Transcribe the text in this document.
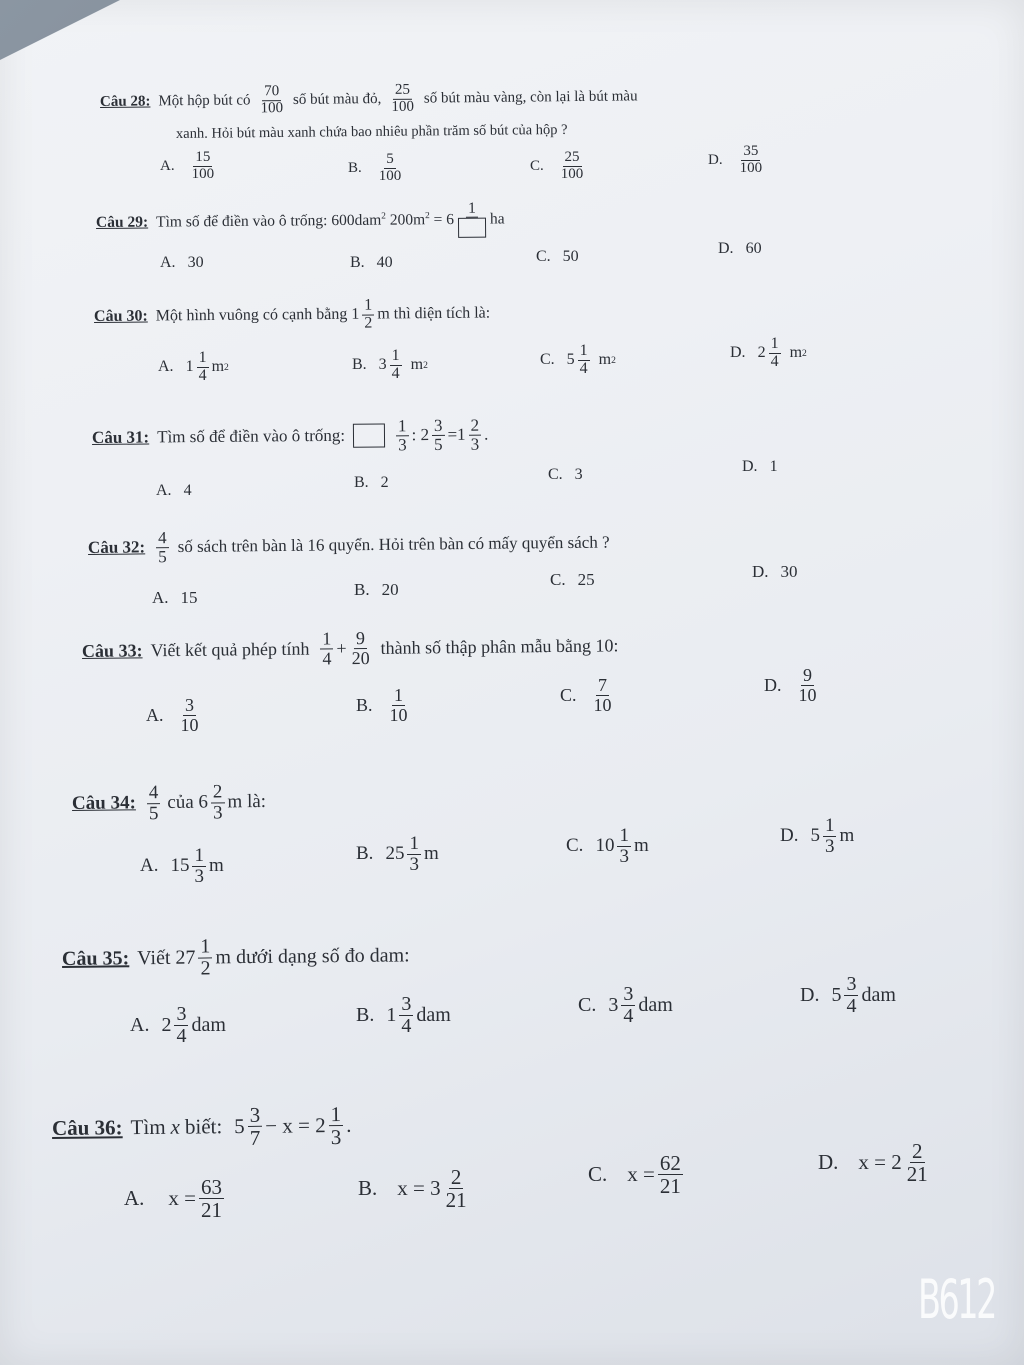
Câu 28: Một hộp bút có $\frac{70}{100}$ số bút màu đỏ, $\frac{25}{100}$ số bút màu vàng, còn lại là bút màu
xanh. Hỏi bút màu xanh chứa bao nhiêu phần trăm số bút của hộp ?
A. $\frac{15}{100}$	B. $\frac{5}{100}$	C. $\frac{25}{100}$	D. $\frac{35}{100}$
Câu 29: Tìm số để điền vào ô trống: 600dam$^2$ $200m^2 = 6$
1
ha
A. 30	B. 40	C. 50	D. 60
Câu 30: Một hình vuông có cạnh bằng $1 \frac{1}{2}$ m thì diện tích là:
A. $1 \frac{1}{4}$ m 2	B. $3 \frac{1}{4}$ m 2	C. $5 \frac{1}{4}$ m 2	D. $2 \frac{1}{4}$ m 2
Câu 31: Tìm số để điền vào ô trống:	$\frac{1}{3}$ : $2 \frac{3}{5} =1 \frac{2}{3}$ .
A. 4	B. 2	C. 3	D. 1
Câu 32: $\frac{4}{5}$ số sách trên bàn là 16 quyển. Hỏi trên bàn có mấy quyển sách ?
A. 15	B. 20
C. 25	D. 30
Câu 33: Viết kết quả phép tính $\frac{1}{4} + \frac{9}{20}$ thành số thập phân mẫu bằng 10:
A. $\frac{3}{10}$	B. $\frac{1}{10}$	C. $\frac{7}{10}$	D. $\frac{9}{10}$
Câu 34: $\frac{4}{5}$ của $6 \frac{2}{3}$ m là:
A. $15 \frac{1}{3}$ m
B. $25 \frac{1}{3}$ m	C. $10 \frac{1}{3}$ m	D. $5 \frac{1}{3}$ m
Câu 35: Viết $27 \frac{1}{2}$ m dưới dạng số đo dam:
A. $2 \frac{3}{4}$ dam	B. $1 \frac{3}{4}$ dam	C. $3 \frac{3}{4}$ dam	D. $5 \frac{3}{4}$ dam
Câu 36: Tìm x biết: $5 \frac{3}{7} - x = 2 \frac{1}{3}$ .
A. $x = \frac{63}{21}$	B. $x = 3 \frac{2}{21}$	C. $x = \frac{62}{21}$	D. $x = 2 \frac{2}{21}$
B612
